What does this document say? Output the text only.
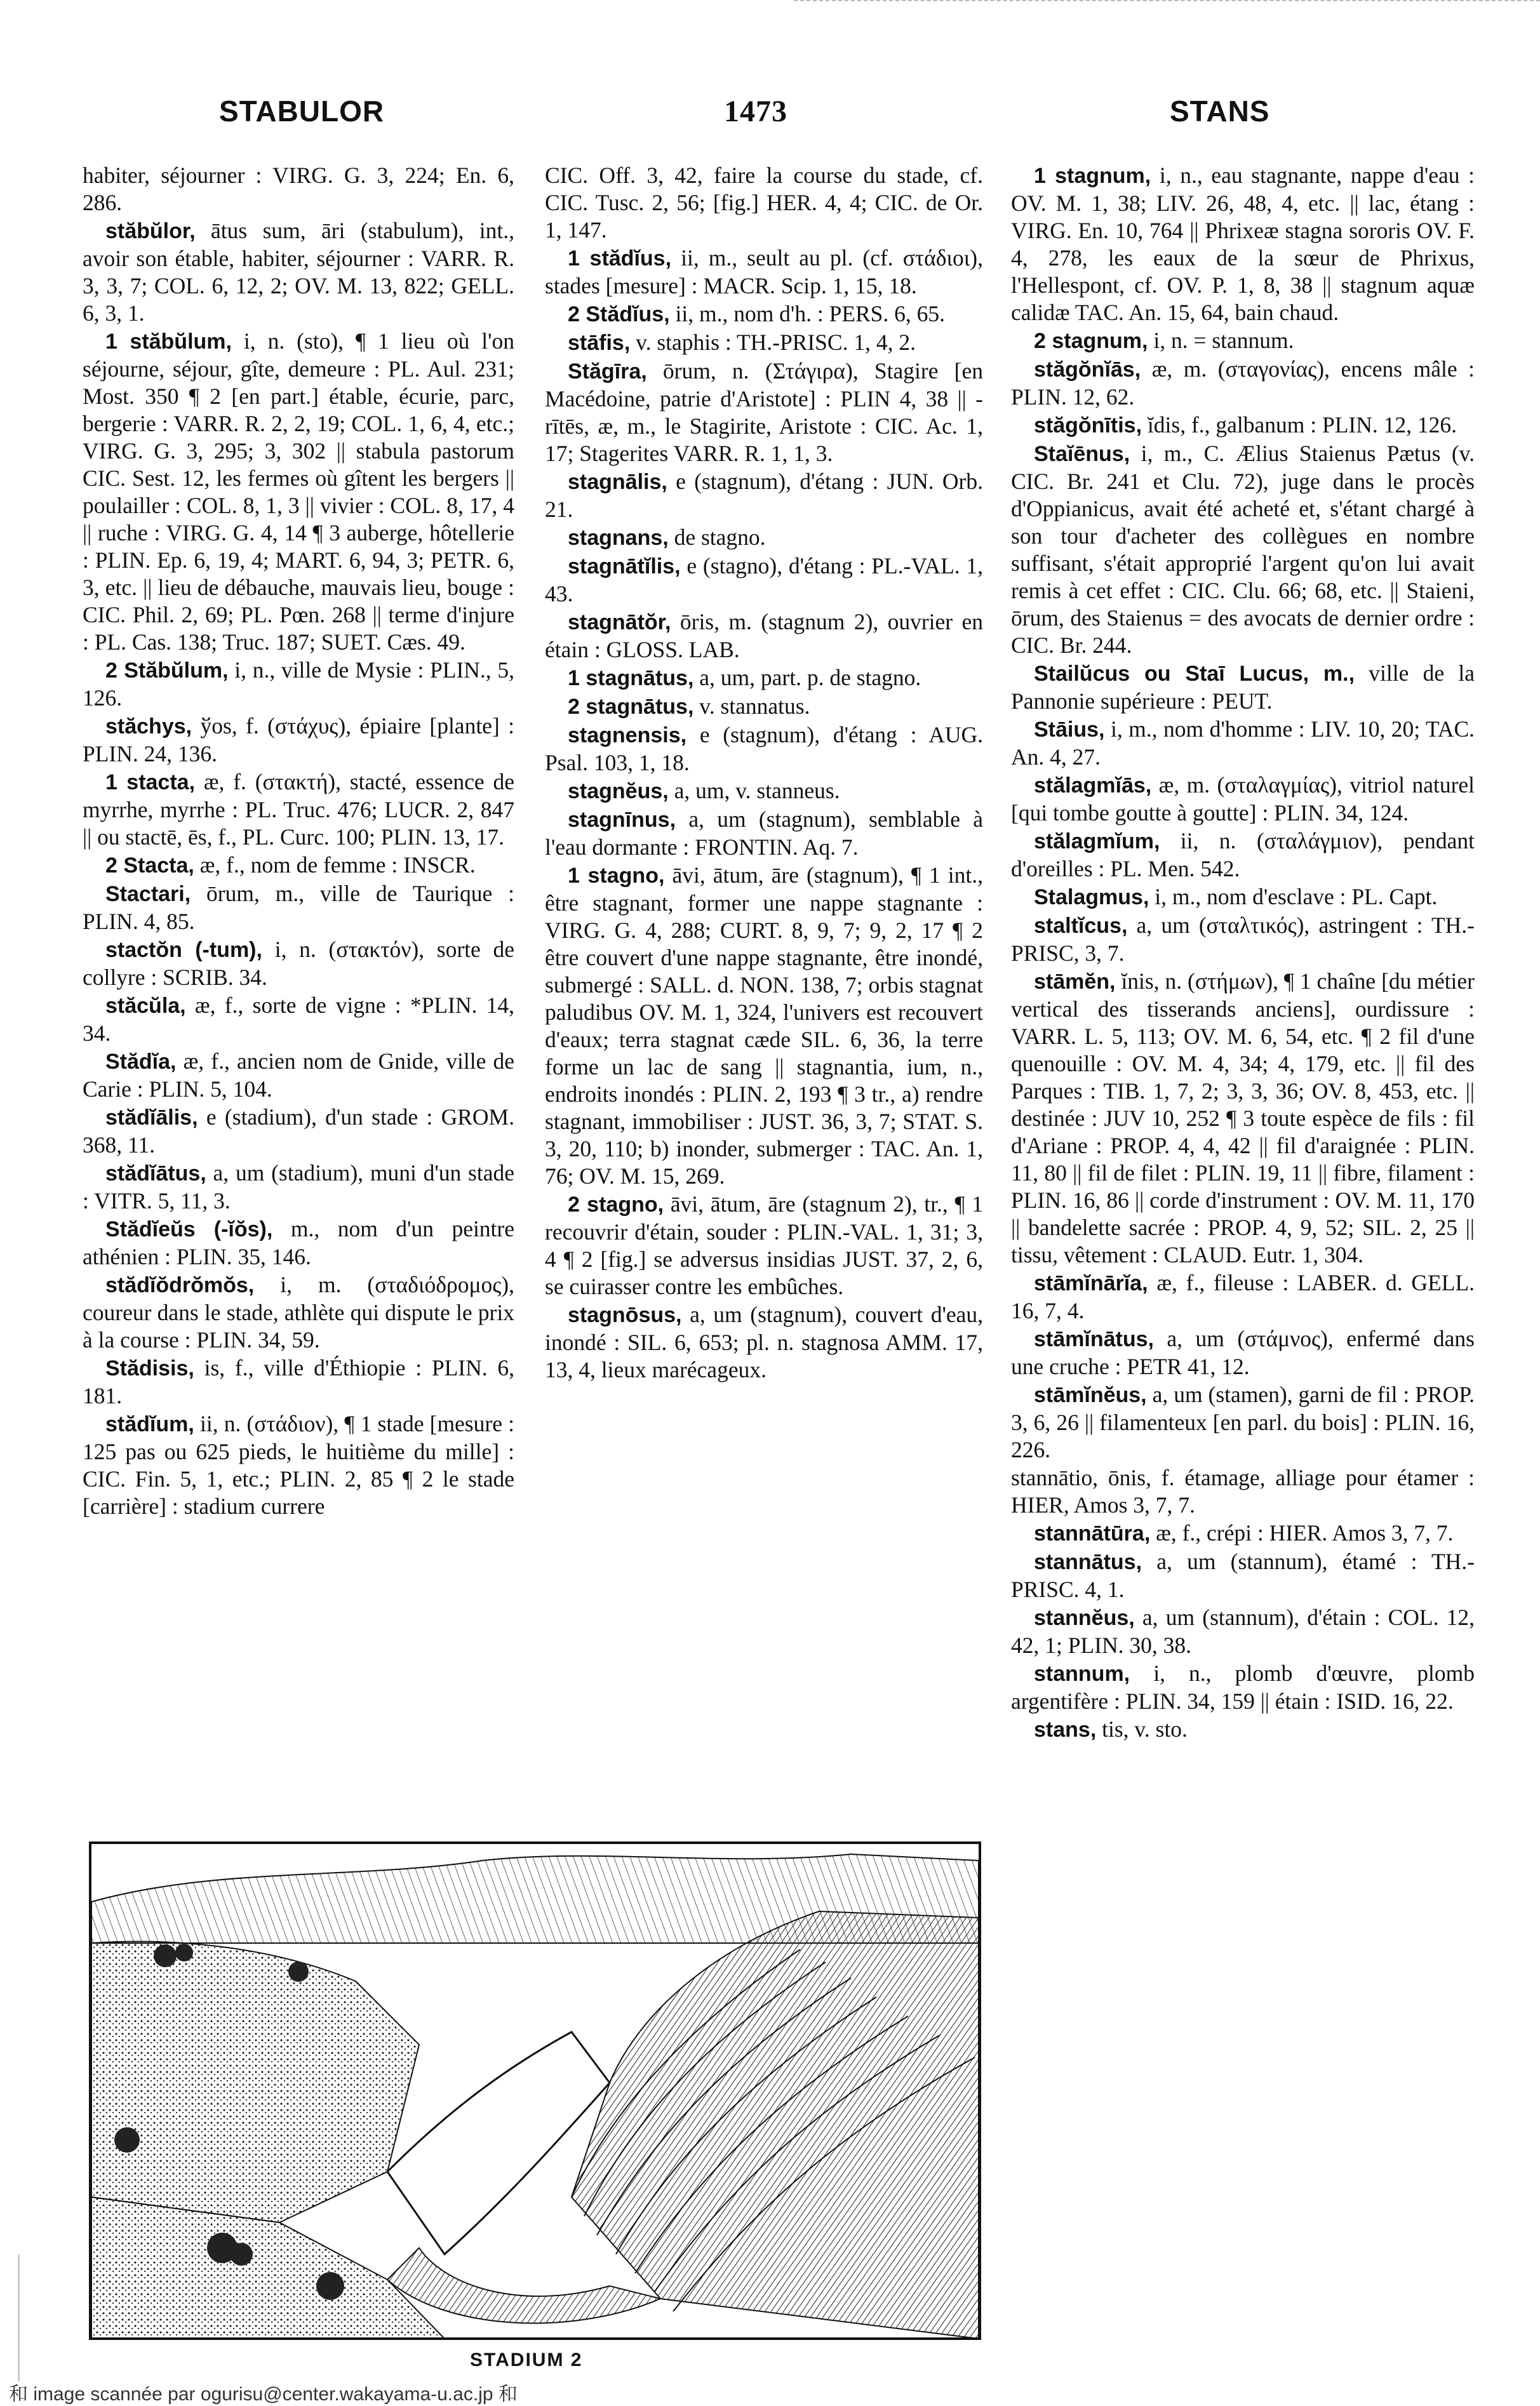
STABULOR	1473	STANS

habiter, séjourner : VIRG. G. 3, 224; En. 6, 286.

stăbŭlor, ātus sum, āri (stabulum), int., avoir son étable, habiter, séjourner : VARR. R. 3, 3, 7; COL. 6, 12, 2; OV. M. 13, 822; GELL. 6, 3, 1.

1 stăbŭlum, i, n. (sto), ¶ 1 lieu où l'on séjourne, séjour, gîte, demeure : PL. Aul. 231; Most. 350 ¶ 2 [en part.] étable, écurie, parc, bergerie : VARR. R. 2, 2, 19; COL. 1, 6, 4, etc.; VIRG. G. 3, 295; 3, 302 || stabula pastorum CIC. Sest. 12, les fermes où gîtent les bergers || poulailler : COL. 8, 1, 3 || vivier : COL. 8, 17, 4 || ruche : VIRG. G. 4, 14 ¶ 3 auberge, hôtellerie : PLIN. Ep. 6, 19, 4; MART. 6, 94, 3; PETR. 6, 3, etc. || lieu de débauche, mauvais lieu, bouge : CIC. Phil. 2, 69; PL. Pœn. 268 || terme d'injure : PL. Cas. 138; Truc. 187; SUET. Cæs. 49.

2 Stăbŭlum, i, n., ville de Mysie : PLIN., 5, 126.

stăchys, ўos, f. (στάχυς), épiaire [plante] : PLIN. 24, 136.

1 stacta, æ, f. (στακτή), stacté, essence de myrrhe, myrrhe : PL. Truc. 476; LUCR. 2, 847 || ou stactē, ēs, f., PL. Curc. 100; PLIN. 13, 17.

2 Stacta, æ, f., nom de femme : INSCR.

Stactari, ōrum, m., ville de Taurique : PLIN. 4, 85.

stactŏn (-tum), i, n. (στακτόν), sorte de collyre : SCRIB. 34.

stăcŭla, æ, f., sorte de vigne : *PLIN. 14, 34.

Stădĭa, æ, f., ancien nom de Gnide, ville de Carie : PLIN. 5, 104.

stădĭālis, e (stadium), d'un stade : GROM. 368, 11.

stădĭātus, a, um (stadium), muni d'un stade : VITR. 5, 11, 3.

Stădĭeŭs (-ĭŏs), m., nom d'un peintre athénien : PLIN. 35, 146.

stădĭŏdrŏmŏs, i, m. (σταδιόδρομος), coureur dans le stade, athlète qui dispute le prix à la course : PLIN. 34, 59.

Stădisis, is, f., ville d'Éthiopie : PLIN. 6, 181.

stădĭum, ii, n. (στάδιον), ¶ 1 stade [mesure : 125 pas ou 625 pieds, le huitième du mille] : CIC. Fin. 5, 1, etc.; PLIN. 2, 85 ¶ 2 le stade [carrière] : stadium currere

CIC. Off. 3, 42, faire la course du stade, cf. CIC. Tusc. 2, 56; [fig.] HER. 4, 4; CIC. de Or. 1, 147.

1 stădĭus, ii, m., seult au pl. (cf. στάδιοι), stades [mesure] : MACR. Scip. 1, 15, 18.

2 Stădĭus, ii, m., nom d'h. : PERS. 6, 65.

stāfis, v. staphis : TH.-PRISC. 1, 4, 2.

Stăgīra, ōrum, n. (Στάγιρα), Stagire [en Macédoine, patrie d'Aristote] : PLIN 4, 38 || -rītēs, æ, m., le Stagirite, Aristote : CIC. Ac. 1, 17; Stagerites VARR. R. 1, 1, 3.

stagnālis, e (stagnum), d'étang : JUN. Orb. 21.

stagnans, de stagno.

stagnātĭlis, e (stagno), d'étang : PL.-VAL. 1, 43.

stagnātŏr, ōris, m. (stagnum 2), ouvrier en étain : GLOSS. LAB.

1 stagnātus, a, um, part. p. de stagno.

2 stagnātus, v. stannatus.

stagnensis, e (stagnum), d'étang : AUG. Psal. 103, 1, 18.

stagnĕus, a, um, v. stanneus.

stagnīnus, a, um (stagnum), semblable à l'eau dormante : FRONTIN. Aq. 7.

1 stagno, āvi, ātum, āre (stagnum), ¶ 1 int., être stagnant, former une nappe stagnante : VIRG. G. 4, 288; CURT. 8, 9, 7; 9, 2, 17 ¶ 2 être couvert d'une nappe stagnante, être inondé, submergé : SALL. d. NON. 138, 7; orbis stagnat paludibus OV. M. 1, 324, l'univers est recouvert d'eaux; terra stagnat cæde SIL. 6, 36, la terre forme un lac de sang || stagnantia, ium, n., endroits inondés : PLIN. 2, 193 ¶ 3 tr., a) rendre stagnant, immobiliser : JUST. 36, 3, 7; STAT. S. 3, 20, 110; b) inonder, submerger : TAC. An. 1, 76; OV. M. 15, 269.

2 stagno, āvi, ātum, āre (stagnum 2), tr., ¶ 1 recouvrir d'étain, souder : PLIN.-VAL. 1, 31; 3, 4 ¶ 2 [fig.] se adversus insidias JUST. 37, 2, 6, se cuirasser contre les embûches.

stagnōsus, a, um (stagnum), couvert d'eau, inondé : SIL. 6, 653; pl. n. stagnosa AMM. 17, 13, 4, lieux marécageux.

1 stagnum, i, n., eau stagnante, nappe d'eau : OV. M. 1, 38; LIV. 26, 48, 4, etc. || lac, étang : VIRG. En. 10, 764 || Phrixeæ stagna sororis OV. F. 4, 278, les eaux de la sœur de Phrixus, l'Hellespont, cf. OV. P. 1, 8, 38 || stagnum aquæ calidæ TAC. An. 15, 64, bain chaud.

2 stagnum, i, n. = stannum.

stăgŏnĭās, æ, m. (σταγονίας), encens mâle : PLIN. 12, 62.

stăgŏnītis, ĭdis, f., galbanum : PLIN. 12, 126.

Staĭēnus, i, m., C. Ælius Staienus Pætus (v. CIC. Br. 241 et Clu. 72), juge dans le procès d'Oppianicus, avait été acheté et, s'étant chargé à son tour d'acheter des collègues en nombre suffisant, s'était approprié l'argent qu'on lui avait remis à cet effet : CIC. Clu. 66; 68, etc. || Staieni, ōrum, des Staienus = des avocats de dernier ordre : CIC. Br. 244.

Stailŭcus ou Staī Lucus, m., ville de la Pannonie supérieure : PEUT.

Stāius, i, m., nom d'homme : LIV. 10, 20; TAC. An. 4, 27.

stălagmĭās, æ, m. (σταλαγμίας), vitriol naturel [qui tombe goutte à goutte] : PLIN. 34, 124.

stălagmĭum, ii, n. (σταλάγμιον), pendant d'oreilles : PL. Men. 542.

Stalagmus, i, m., nom d'esclave : PL. Capt.

staltĭcus, a, um (σταλτικός), astringent : TH.-PRISC, 3, 7.

stāmĕn, ĭnis, n. (στήμων), ¶ 1 chaîne [du métier vertical des tisserands anciens], ourdissure : VARR. L. 5, 113; OV. M. 6, 54, etc. ¶ 2 fil d'une quenouille : OV. M. 4, 34; 4, 179, etc. || fil des Parques : TIB. 1, 7, 2; 3, 3, 36; OV. 8, 453, etc. || destinée : JUV 10, 252 ¶ 3 toute espèce de fils : fil d'Ariane : PROP. 4, 4, 42 || fil d'araignée : PLIN. 11, 80 || fil de filet : PLIN. 19, 11 || fibre, filament : PLIN. 16, 86 || corde d'instrument : OV. M. 11, 170 || bandelette sacrée : PROP. 4, 9, 52; SIL. 2, 25 || tissu, vêtement : CLAUD. Eutr. 1, 304.

stāmĭnārĭa, æ, f., fileuse : LABER. d. GELL. 16, 7, 4.

stāmĭnātus, a, um (στάμνος), enfermé dans une cruche : PETR 41, 12.

stāmĭnĕus, a, um (stamen), garni de fil : PROP. 3, 6, 26 || filamenteux [en parl. du bois] : PLIN. 16, 226.

stannātio, ōnis, f. étamage, alliage pour étamer : HIER, Amos 3, 7, 7.

stannātūra, æ, f., crépi : HIER. Amos 3, 7, 7.

stannātus, a, um (stannum), étamé : TH.-PRISC. 4, 1.

stannĕus, a, um (stannum), d'étain : COL. 12, 42, 1; PLIN. 30, 38.

stannum, i, n., plomb d'œuvre, plomb argentifère : PLIN. 34, 159 || étain : ISID. 16, 22.

stans, tis, v. sto.

STADIUM 2
和 image scannée par ogurisu@center.wakayama-u.ac.jp 和
